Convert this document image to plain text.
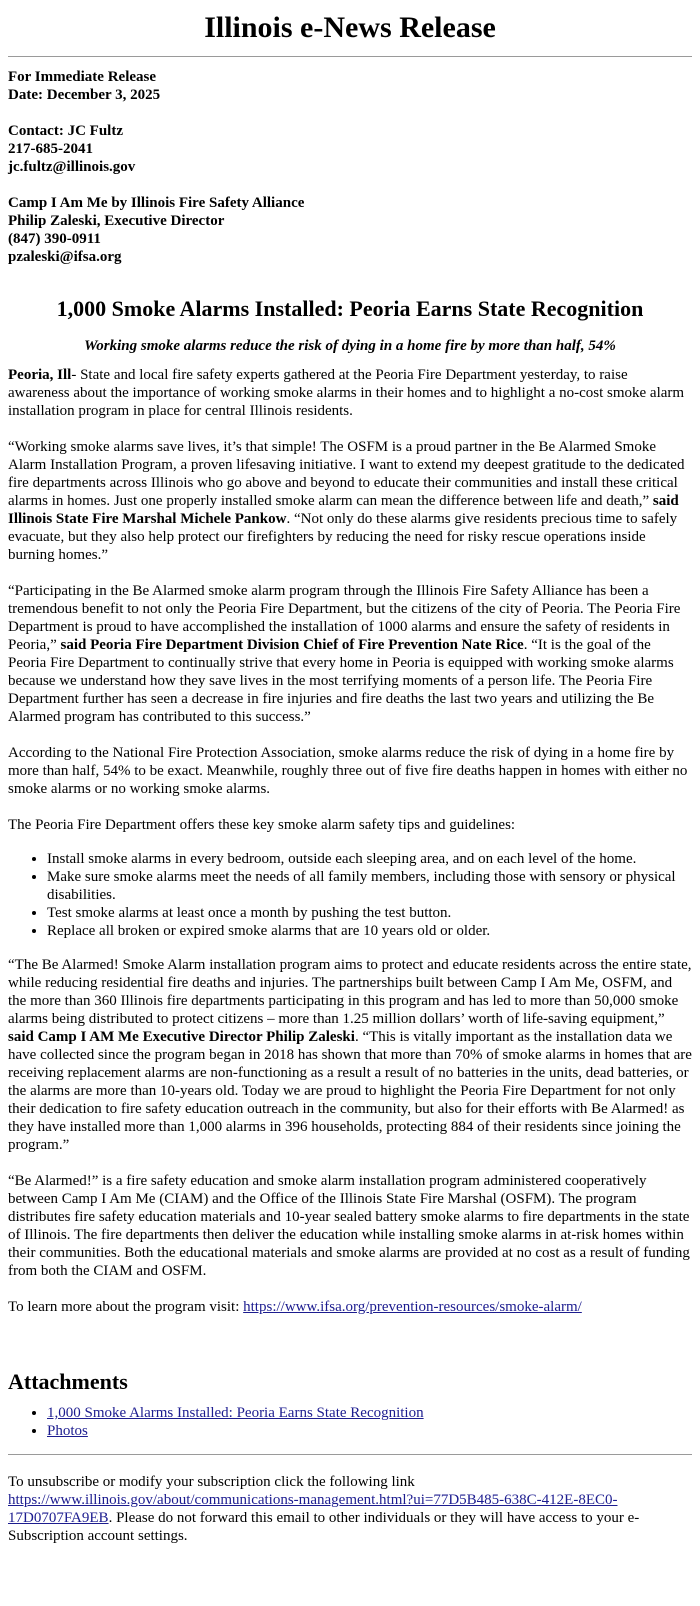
Illinois e-News Release

For Immediate Release

Date: December 3, 2025

Contact: JC Fultz

217-685-2041

jc.fultz@illinois.gov

Camp I Am Me by Illinois Fire Safety Alliance

Philip Zaleski, Executive Director

(847) 390-0911

pzaleski@ifsa.org

1,000 Smoke Alarms Installed: Peoria Earns State Recognition

Working smoke alarms reduce the risk of dying in a home fire by more than half, 54%

Peoria, Ill- State and local fire safety experts gathered at the Peoria Fire Department yesterday, to raise awareness about the importance of working smoke alarms in their homes and to highlight a no-cost smoke alarm installation program in place for central Illinois residents.

“Working smoke alarms save lives, it’s that simple! The OSFM is a proud partner in the Be Alarmed Smoke Alarm Installation Program, a proven lifesaving initiative. I want to extend my deepest gratitude to the dedicated fire departments across Illinois who go above and beyond to educate their communities and install these critical alarms in homes. Just one properly installed smoke alarm can mean the difference between life and death,” said Illinois State Fire Marshal Michele Pankow. “Not only do these alarms give residents precious time to safely evacuate, but they also help protect our firefighters by reducing the need for risky rescue operations inside burning homes.”

“Participating in the Be Alarmed smoke alarm program through the Illinois Fire Safety Alliance has been a tremendous benefit to not only the Peoria Fire Department, but the citizens of the city of Peoria. The Peoria Fire Department is proud to have accomplished the installation of 1000 alarms and ensure the safety of residents in Peoria,” said Peoria Fire Department Division Chief of Fire Prevention Nate Rice. “It is the goal of the Peoria Fire Department to continually strive that every home in Peoria is equipped with working smoke alarms because we understand how they save lives in the most terrifying moments of a person life. The Peoria Fire Department further has seen a decrease in fire injuries and fire deaths the last two years and utilizing the Be Alarmed program has contributed to this success.”

According to the National Fire Protection Association, smoke alarms reduce the risk of dying in a home fire by more than half, 54% to be exact. Meanwhile, roughly three out of five fire deaths happen in homes with either no smoke alarms or no working smoke alarms.

The Peoria Fire Department offers these key smoke alarm safety tips and guidelines:

• Install smoke alarms in every bedroom, outside each sleeping area, and on each level of the home.
• Make sure smoke alarms meet the needs of all family members, including those with sensory or physical disabilities.
• Test smoke alarms at least once a month by pushing the test button.
• Replace all broken or expired smoke alarms that are 10 years old or older.

“The Be Alarmed! Smoke Alarm installation program aims to protect and educate residents across the entire state, while reducing residential fire deaths and injuries. The partnerships built between Camp I Am Me, OSFM, and the more than 360 Illinois fire departments participating in this program and has led to more than 50,000 smoke alarms being distributed to protect citizens – more than 1.25 million dollars’ worth of life-saving equipment,” said Camp I AM Me Executive Director Philip Zaleski. “This is vitally important as the installation data we have collected since the program began in 2018 has shown that more than 70% of smoke alarms in homes that are receiving replacement alarms are non-functioning as a result a result of no batteries in the units, dead batteries, or the alarms are more than 10-years old. Today we are proud to highlight the Peoria Fire Department for not only their dedication to fire safety education outreach in the community, but also for their efforts with Be Alarmed! as they have installed more than 1,000 alarms in 396 households, protecting 884 of their residents since joining the program.”

“Be Alarmed!” is a fire safety education and smoke alarm installation program administered cooperatively between Camp I Am Me (CIAM) and the Office of the Illinois State Fire Marshal (OSFM). The program distributes fire safety education materials and 10-year sealed battery smoke alarms to fire departments in the state of Illinois. The fire departments then deliver the education while installing smoke alarms in at-risk homes within their communities. Both the educational materials and smoke alarms are provided at no cost as a result of funding from both the CIAM and OSFM.

To learn more about the program visit: https://www.ifsa.org/prevention-resources/smoke-alarm/

Attachments
• 1,000 Smoke Alarms Installed: Peoria Earns State Recognition
• Photos

To unsubscribe or modify your subscription click the following link https://www.illinois.gov/about/communications-management.html?ui=77D5B485-638C-412E-8EC0-17D0707FA9EB. Please do not forward this email to other individuals or they will have access to your e-Subscription account settings.
